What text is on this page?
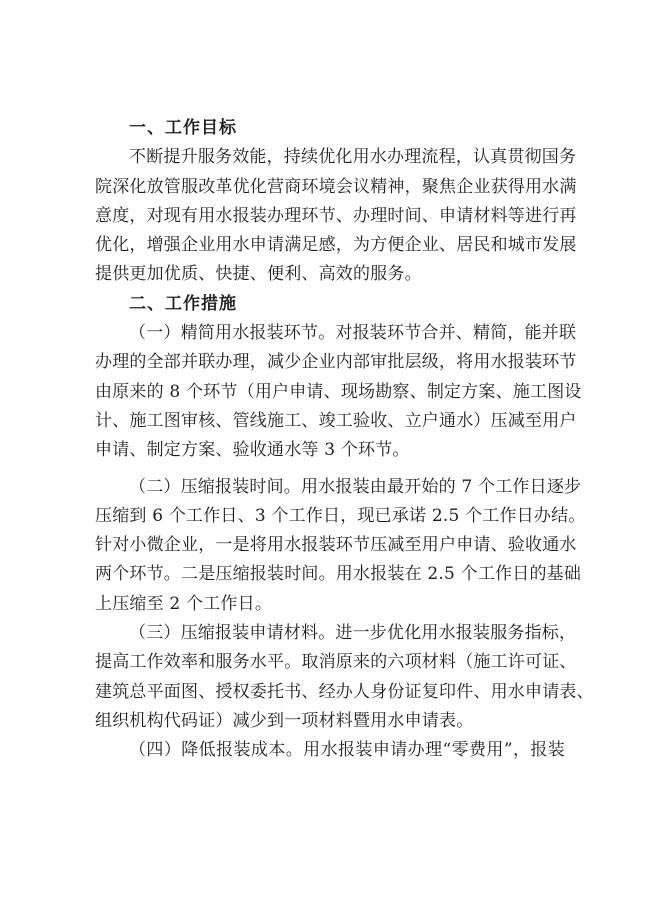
一、工作目标
不断提升服务效能，持续优化用水办理流程，认真贯彻国务
院深化放管服改革优化营商环境会议精神，聚焦企业获得用水满
意度，对现有用水报装办理环节、办理时间、申请材料等进行再
优化，增强企业用水申请满足感，为方便企业、居民和城市发展
提供更加优质、快捷、便利、高效的服务。
二、工作措施
（一）精简用水报装环节。对报装环节合并、精简，能并联
办理的全部并联办理，减少企业内部审批层级，将用水报装环节
由原来的 8 个环节（用户申请、现场勘察、制定方案、施工图设
计、施工图审核、管线施工、竣工验收、立户通水）压减至用户
申请、制定方案、验收通水等 3 个环节。
（二）压缩报装时间。用水报装由最开始的 7 个工作日逐步
压缩到 6 个工作日、3 个工作日，现已承诺 2.5 个工作日办结。
针对小微企业，一是将用水报装环节压减至用户申请、验收通水
两个环节。二是压缩报装时间。用水报装在 2.5 个工作日的基础
上压缩至 2 个工作日。
（三）压缩报装申请材料。进一步优化用水报装服务指标，
提高工作效率和服务水平。取消原来的六项材料（施工许可证、
建筑总平面图、授权委托书、经办人身份证复印件、用水申请表、
组织机构代码证）减少到一项材料暨用水申请表。
（四）降低报装成本。用水报装申请办理“零费用”，报装
